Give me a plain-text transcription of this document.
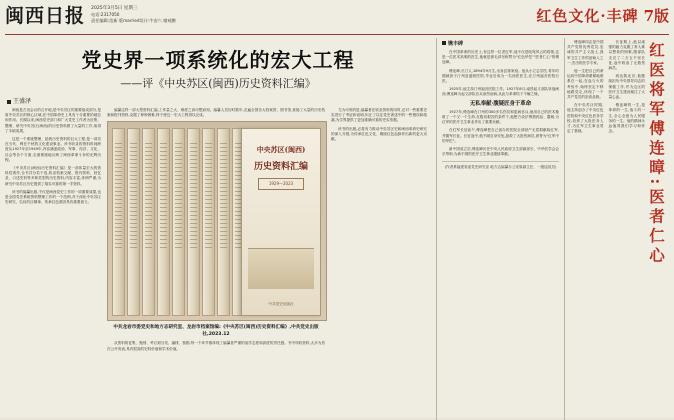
闽西日报	2025年3月5日 星期三
电话:2317050
责任编辑:范新 版married设计:牛安六 谢观鹏	红色文化·丰碑 7版
党史界一项系统化的宏大工程
——评《中央苏区(闽西)历史资料汇编》
王盛泽

闽西是古田会议的召开地,是中央苏区的重要组成部分,是原中央苏区的核心区域,在中国革命史上具有十分重要的地位和作用。长期以来,闽西党史部门和广大党史工作者为征集、整理、研究中央苏区(闽西)的历史资料做了大量的工作,取得了丰硕成果。

这是一个系统整理、抢救历史资料的巨大工程,是一项功在当代、利在千秋的文化建设事业。该书收录的资料时间跨度从1927年至1949年,内容涵盖政治、军事、经济、文化、社会等各个方面,全面系统地反映了闽西革命斗争的光辉历程。

《中央苏区(闽西)历史资料汇编》是一部体量宏大的资料性著作,全书共分若干卷,收录档案文献、报刊资料、回忆录、口述史料等多种类型的历史资料,内容丰富,体例严谨,为研究中央苏区历史提供了翔实可靠的第一手资料。

该书的编纂出版,不仅是闽西党史工作的一项重要成果,也是全国党史系统资料整理工作的一个范例,对于深化中央苏区史研究、弘扬苏区精神、传承红色基因具有重要意义。

编纂这样一部大型资料汇编,工作量之大、难度之高可想而知。编纂人员历时数年,走遍全国各大档案馆、图书馆,查阅了大量的历史档案和报刊资料,克服了种种困难,终于使这一宏大工程得以完成。

中央苏区(闽西)
历史资料汇编
1929—2023
中共党史出版社
中共龙岩市委党史和地方志研究室、龙岩市档案馆编:《中央苏区(闽西)历史资料汇编》,中共党史出版社,2023.12

从资料的征集、甄别、考订到分类、编排、校勘,每一个环节都体现了编纂者严谨的治学态度和高度的责任感。书中所收资料,大多为首次公开发表,具有很高的史料价值和学术价值。

尤为可贵的是,编纂者在收录资料的同时,还对一些重要史实进行了考证和说明,纠正了以往党史著述中的一些错误和疏漏,为学界提供了更加准确可靠的史实依据。

该书的出版,必将有力推动中央苏区史和闽西革命史研究的深入开展,为传承红色文化、赓续红色血脉作出新的更大贡献。

镌丰碑

在中国革命的历史上,有这样一位老红军,他不仅是叱咤风云的将领,还是一位医术高明的医生,他就是被毛泽东称赞为"红色华佗""医者仁心"的傅连暲。

傅连暲,长汀人,1894年9月生,出身贫寒家庭。他从小立志学医,青年时期就读于汀州亚盛顿医馆,毕业后成为一名西医医生,在汀州福音医院行医。

1925年,他主持汀州福音医院工作。1927年8月,南昌起义部队转战闽西,傅连暲为起义部队官兵治伤治病,从此与革命结下不解之缘。

无私奉献·腹疑匠身于革命

1927年,傅连暲在汀州的300多名伤员和患病官兵,他用自己的医术挽救了一个又一个生命,在极其艰苦的条件下,他想方设法筹措药品、器械,为红军的医疗卫生事业作出了重要贡献。

在红军长征前夕,傅连暲把自己创办的医院全部财产无偿捐献给红军,并随军长征。长征途中,他不顾自身安危,抢救了大批伤病员,被誉为"红军中的华佗"。

新中国成立后,傅连暲历任中央人民政府卫生部副部长、中华医学会会长等职,为新中国的医疗卫生事业继续奉献。

(作者系福建省委党史研究室 地方志编纂办公室原副主任、一级巡视员)

傅连暲同志是中国共产党的优秀党员,忠诚的共产主义战士,我军卫生工作的创始人之一,杰出的医学专家。

他一生把自己的命运同中国革命紧紧地联系在一起,在血与火的考验中,始终坚定不移地跟党走,体现了一个共产党员的崇高品格。

在中央苏区时期,他主持创办了中央红色医院和中央红色医务学校,培养了大批医务人才,为红军卫生事业奠定了基础。

长征路上,他以顽强的毅力克服了常人难以想象的困难,随部队走完了二万五千里长征,途中救治了无数伤病员。

到达陕北后,他继续担负中央领导同志的保健工作,并为边区的医疗卫生建设倾注了大量心血。

傅连暲的一生,是革命的一生,战斗的一生,全心全意为人民服务的一生。他的精神永远值得我们学习和怀念。	红医将军傅连暲:医者仁心
